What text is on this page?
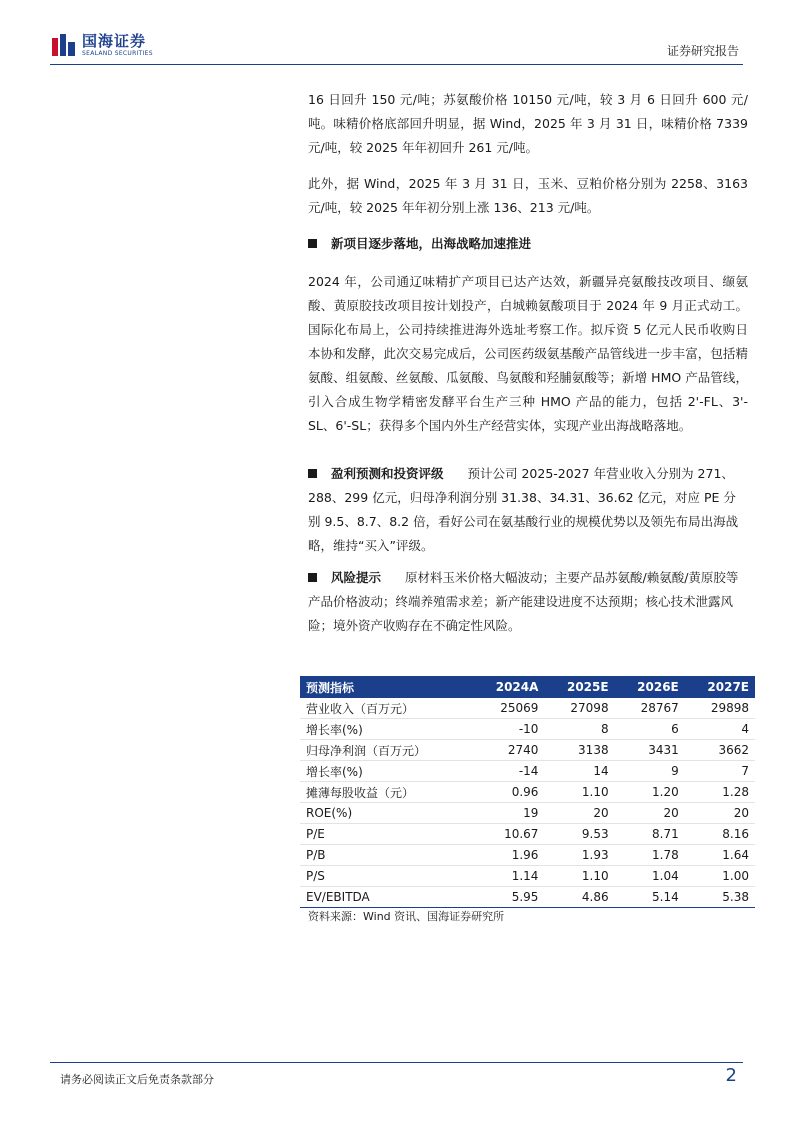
国海证券
SEALAND SECURITIES	证券研究报告

16 日回升 150 元/吨；苏氨酸价格 10150 元/吨，较 3 月 6 日回升 600 元/吨。味精价格底部回升明显，据 Wind，2025 年 3 月 31 日，味精价格 7339 元/吨，较 2025 年年初回升 261 元/吨。

此外，据 Wind，2025 年 3 月 31 日，玉米、豆粕价格分别为 2258、3163 元/吨，较 2025 年年初分别上涨 136、213 元/吨。

新项目逐步落地，出海战略加速推进

2024 年，公司通辽味精扩产项目已达产达效，新疆异亮氨酸技改项目、缬氨酸、黄原胶技改项目按计划投产，白城赖氨酸项目于 2024 年 9 月正式动工。国际化布局上，公司持续推进海外选址考察工作。拟斥资 5 亿元人民币收购日本协和发酵，此次交易完成后，公司医药级氨基酸产品管线进一步丰富，包括精氨酸、组氨酸、丝氨酸、瓜氨酸、鸟氨酸和羟脯氨酸等；新增 HMO 产品管线，引入合成生物学精密发酵平台生产三种 HMO 产品的能力，包括 2'-FL、3'-SL、6'-SL；获得多个国内外生产经营实体，实现产业出海战略落地。

盈利预测和投资评级 预计公司 2025-2027 年营业收入分别为 271、288、299 亿元，归母净利润分别 31.38、34.31、36.62 亿元，对应 PE 分别 9.5、8.7、8.2 倍，看好公司在氨基酸行业的规模优势以及领先布局出海战略，维持“买入”评级。
风险提示 原材料玉米价格大幅波动；主要产品苏氨酸/赖氨酸/黄原胶等产品价格波动；终端养殖需求差；新产能建设进度不达预期；核心技术泄露风险；境外资产收购存在不确定性风险。
预测指标	2024A	2025E	2026E	2027E
营业收入（百万元）	25069	27098	28767	29898
增长率(%)	-10	8	6	4
归母净利润（百万元）	2740	3138	3431	3662
增长率(%)	-14	14	9	7
摊薄每股收益（元）	0.96	1.10	1.20	1.28
ROE(%)	19	20	20	20
P/E	10.67	9.53	8.71	8.16
P/B	1.96	1.93	1.78	1.64
P/S	1.14	1.10	1.04	1.00
EV/EBITDA	5.95	4.86	5.14	5.38
资料来源：Wind 资讯、国海证券研究所
请务必阅读正文后免责条款部分	2
